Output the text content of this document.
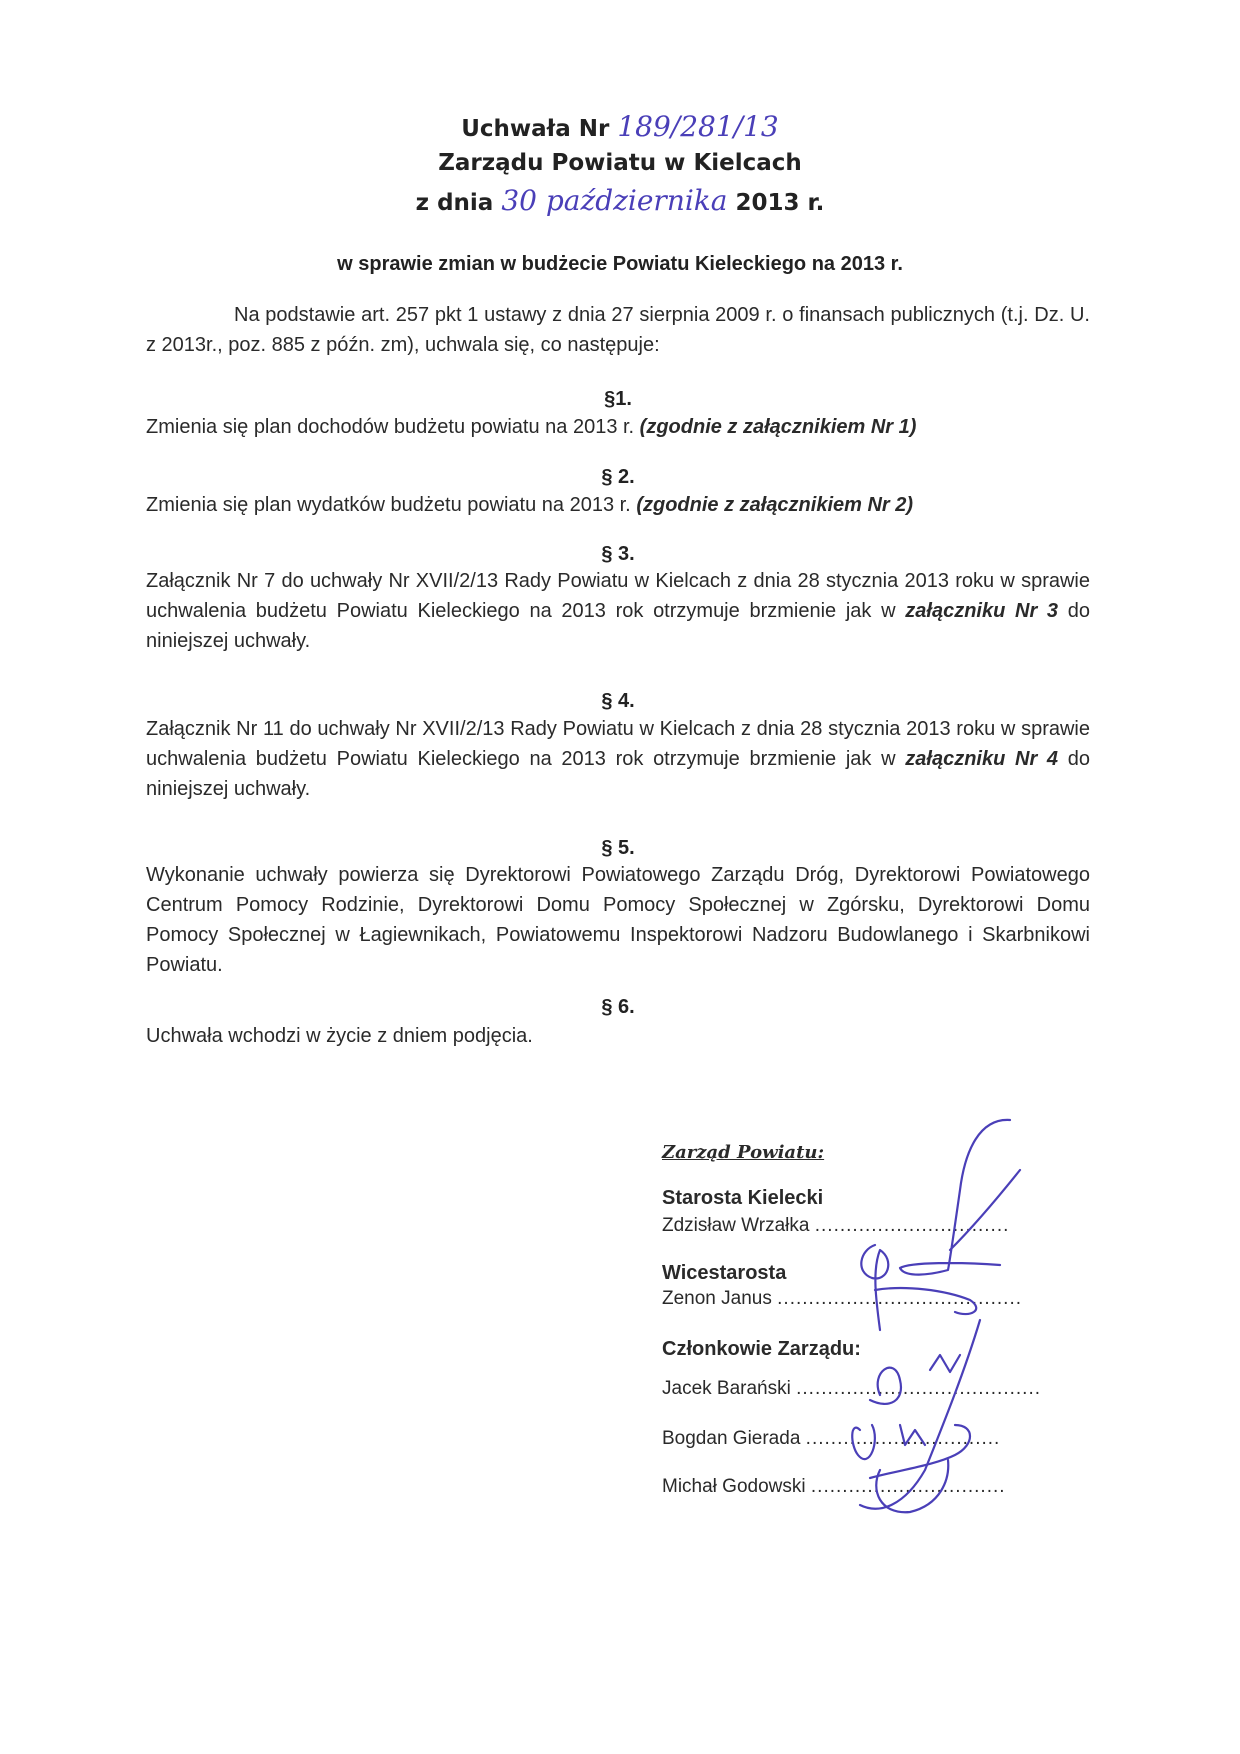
Uchwała Nr 189/281/13
Zarządu Powiatu w Kielcach
z dnia 30 października 2013 r.
w sprawie zmian w budżecie Powiatu Kieleckiego na 2013 r.
Na podstawie art. 257 pkt 1 ustawy z dnia 27 sierpnia 2009 r. o finansach publicznych (t.j. Dz. U. z 2013r., poz. 885 z późn. zm), uchwala się, co następuje:
§1.
Zmienia się plan dochodów budżetu powiatu na 2013 r. (zgodnie z załącznikiem Nr 1)
§ 2.
Zmienia się plan wydatków budżetu powiatu na 2013 r. (zgodnie z załącznikiem Nr 2)
§ 3.
Załącznik Nr 7 do uchwały Nr XVII/2/13 Rady Powiatu w Kielcach z dnia 28 stycznia 2013 roku w sprawie uchwalenia budżetu Powiatu Kieleckiego na 2013 rok otrzymuje brzmienie jak w załączniku Nr 3 do niniejszej uchwały.
§ 4.
Załącznik Nr 11 do uchwały Nr XVII/2/13 Rady Powiatu w Kielcach z dnia 28 stycznia 2013 roku w sprawie uchwalenia budżetu Powiatu Kieleckiego na 2013 rok otrzymuje brzmienie jak w załączniku Nr 4 do niniejszej uchwały.
§ 5.
Wykonanie uchwały powierza się Dyrektorowi Powiatowego Zarządu Dróg, Dyrektorowi Powiatowego Centrum Pomocy Rodzinie, Dyrektorowi Domu Pomocy Społecznej w Zgórsku, Dyrektorowi Domu Pomocy Społecznej w Łagiewnikach, Powiatowemu Inspektorowi Nadzoru Budowlanego i Skarbnikowi Powiatu.
§ 6.
Uchwała wchodzi w życie z dniem podjęcia.
Zarząd Powiatu:
Starosta Kielecki
Zdzisław Wrzałka ...............................
Wicestarosta
Zenon Janus .......................................
Członkowie Zarządu:
Jacek Barański .......................................
Bogdan Gierada ...............................
Michał Godowski ...............................
